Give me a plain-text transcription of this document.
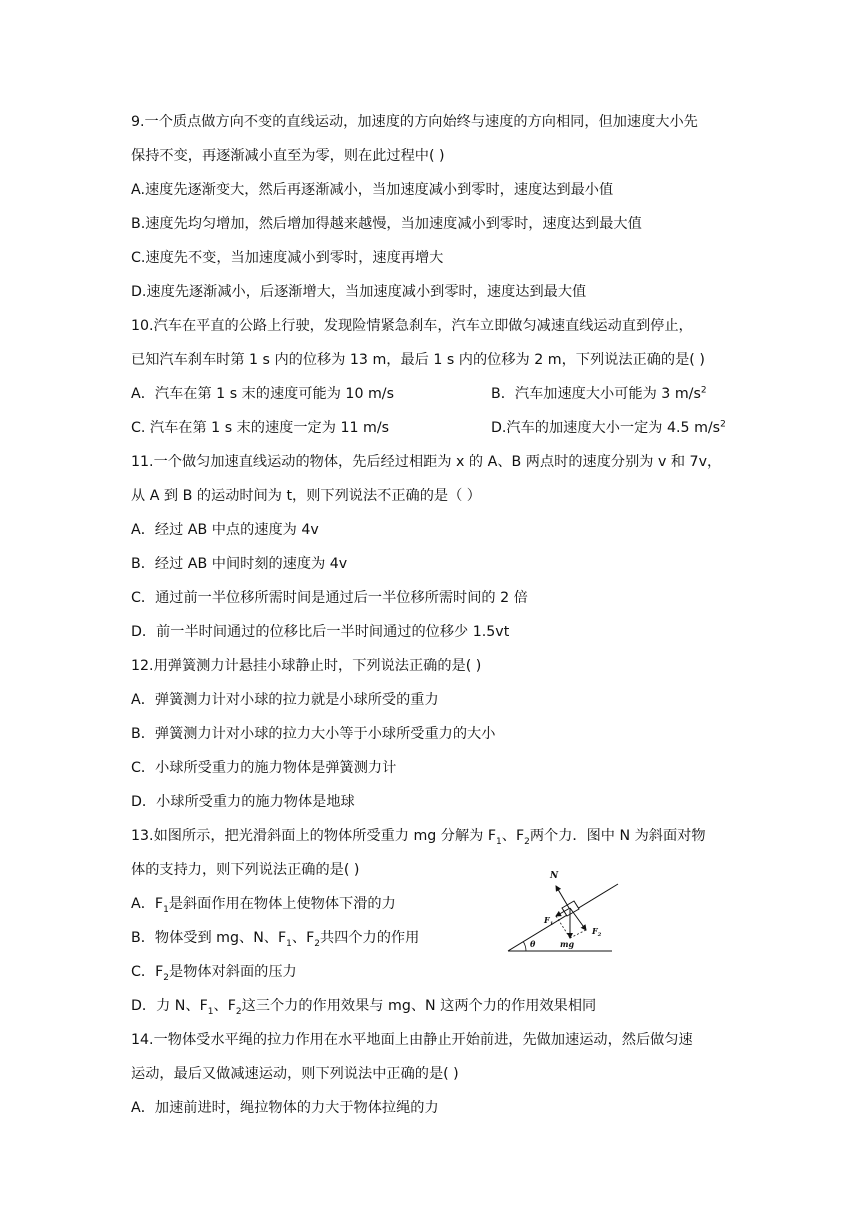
9.一个质点做方向不变的直线运动，加速度的方向始终与速度的方向相同，但加速度大小先
保持不变，再逐渐减小直至为零，则在此过程中( )
A.速度先逐渐变大，然后再逐渐减小，当加速度减小到零时，速度达到最小值
B.速度先均匀增加，然后增加得越来越慢，当加速度减小到零时，速度达到最大值
C.速度先不变，当加速度减小到零时，速度再增大
D.速度先逐渐减小，后逐渐增大，当加速度减小到零时，速度达到最大值
10.汽车在平直的公路上行驶，发现险情紧急刹车，汽车立即做匀减速直线运动直到停止，
已知汽车刹车时第 1 s 内的位移为 13 m，最后 1 s 内的位移为 2 m，下列说法正确的是( )
A．汽车在第 1 s 末的速度可能为 10 m/s	B．汽车加速度大小可能为 3 $m/s^2$
C. 汽车在第 1 s 末的速度一定为 11 m/s	D.汽车的加速度大小一定为 4.5 $m/s^2$
11.一个做匀加速直线运动的物体，先后经过相距为 x 的 A、B 两点时的速度分别为 v 和 7v，
从 A 到 B 的运动时间为 t，则下列说法不正确的是（ ）
A．经过 AB 中点的速度为 4v
B．经过 AB 中间时刻的速度为 4v
C．通过前一半位移所需时间是通过后一半位移所需时间的 2 倍
D．前一半时间通过的位移比后一半时间通过的位移少 1.5vt
12.用弹簧测力计悬挂小球静止时，下列说法正确的是( )
A．弹簧测力计对小球的拉力就是小球所受的重力
B．弹簧测力计对小球的拉力大小等于小球所受重力的大小
C．小球所受重力的施力物体是弹簧测力计
D．小球所受重力的施力物体是地球
13.如图所示，把光滑斜面上的物体所受重力 mg 分解为 $F_1$、$F_2$两个力．图中 N 为斜面对物
体的支持力，则下列说法正确的是( )
A．$F_1$是斜面作用在物体上使物体下滑的力
B．物体受到 mg、N、$F_1$、$F_2$共四个力的作用
C．$F_2$是物体对斜面的压力
D．力 N、$F_1$、$F_2$这三个力的作用效果与 mg、N 这两个力的作用效果相同
N
$F_1$
$F_2$
mg
θ
14.一物体受水平绳的拉力作用在水平地面上由静止开始前进，先做加速运动，然后做匀速
运动，最后又做减速运动，则下列说法中正确的是( )
A．加速前进时，绳拉物体的力大于物体拉绳的力
